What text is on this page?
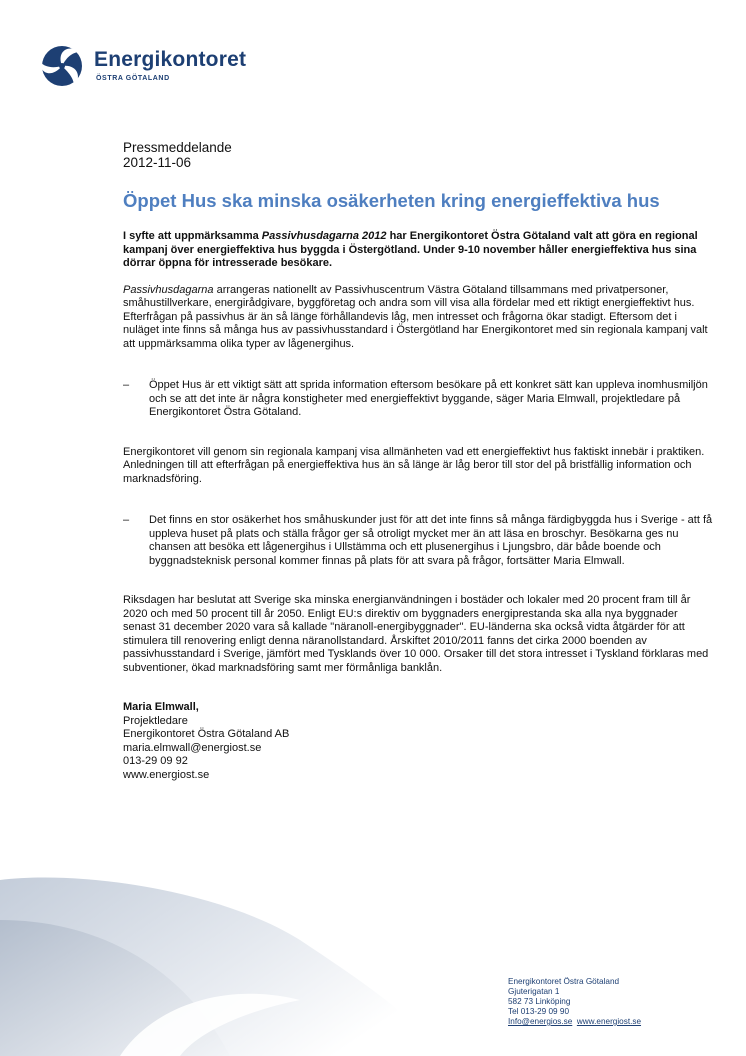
Energikontoret
ÖSTRA GÖTALAND

Pressmeddelande

2012-11-06

Öppet Hus ska minska osäkerheten kring energieffektiva hus

I syfte att uppmärksamma Passivhusdagarna 2012 har Energikontoret Östra Götaland valt att göra en regional kampanj över energieffektiva hus byggda i Östergötland. Under 9-10 november håller energieffektiva hus sina dörrar öppna för intresserade besökare.

Passivhusdagarna arrangeras nationellt av Passivhuscentrum Västra Götaland tillsammans med privatpersoner, småhustillverkare, energirådgivare, byggföretag och andra som vill visa alla fördelar med ett riktigt energieffektivt hus. Efterfrågan på passivhus är än så länge förhållandevis låg, men intresset och frågorna ökar stadigt. Eftersom det i nuläget inte finns så många hus av passivhusstandard i Östergötland har Energikontoret med sin regionala kampanj valt att uppmärksamma olika typer av lågenergihus.

– Öppet Hus är ett viktigt sätt att sprida information eftersom besökare på ett konkret sätt kan uppleva inomhusmiljön och se att det inte är några konstigheter med energieffektivt byggande, säger Maria Elmwall, projektledare på Energikontoret Östra Götaland.

Energikontoret vill genom sin regionala kampanj visa allmänheten vad ett energieffektivt hus faktiskt innebär i praktiken. Anledningen till att efterfrågan på energieffektiva hus än så länge är låg beror till stor del på bristfällig information och marknadsföring.

– Det finns en stor osäkerhet hos småhuskunder just för att det inte finns så många färdigbyggda hus i Sverige - att få uppleva huset på plats och ställa frågor ger så otroligt mycket mer än att läsa en broschyr. Besökarna ges nu chansen att besöka ett lågenergihus i Ullstämma och ett plusenergihus i Ljungsbro, där både boende och byggnadsteknisk personal kommer finnas på plats för att svara på frågor, fortsätter Maria Elmwall.

Riksdagen har beslutat att Sverige ska minska energianvändningen i bostäder och lokaler med 20 procent fram till år 2020 och med 50 procent till år 2050. Enligt EU:s direktiv om byggnaders energiprestanda ska alla nya byggnader senast 31 december 2020 vara så kallade "näranoll-energibyggnader". EU-länderna ska också vidta åtgärder för att stimulera till renovering enligt denna näranollstandard. Årskiftet 2010/2011 fanns det cirka 2000 boenden av passivhusstandard i Sverige, jämfört med Tysklands över 10 000. Orsaker till det stora intresset i Tyskland förklaras med subventioner, ökad marknadsföring samt mer förmånliga banklån.

Maria Elmwall,
Projektledare
Energikontoret Östra Götaland AB
maria.elmwall@energiost.se
013-29 09 92
www.energiost.se
Energikontoret Östra Götaland
Gjuterigatan 1
582 73 Linköping
Tel 013-29 09 90
Info@energios.se www.energiost.se
